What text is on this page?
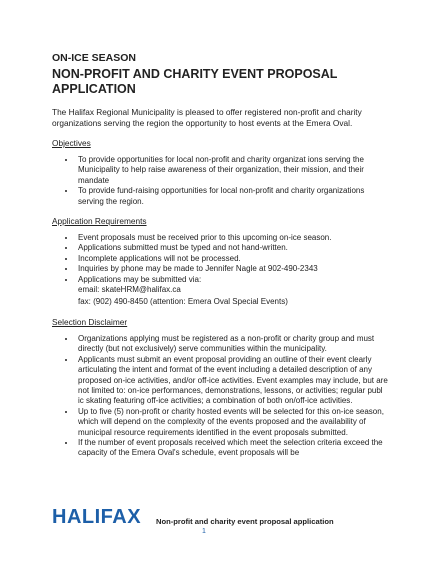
ON-ICE SEASON
NON-PROFIT AND CHARITY EVENT PROPOSAL
APPLICATION

The Halifax Regional Municipality is pleased to offer registered non-profit and charity organizations serving the region the opportunity to host events at the Emera Oval.

Objectives
• To provide opportunities for local non-profit and charity organizat ions serving the Municipality to help raise awareness of their organization, their mission, and their mandate
• To provide fund-raising opportunities for local non-profit and charity organizations serving the region.
Application Requirements
• Event proposals must be received prior to this upcoming on-ice season.
• Applications submitted must be typed and not hand-written.
• Incomplete applications will not be processed.
• Inquiries by phone may be made to Jennifer Nagle at 902-490-2343
• Applications may be submitted via:
email: skateHRM@halifax.ca
fax: (902) 490-8450 (attention: Emera Oval Special Events)
Selection Disclaimer
• Organizations applying must be registered as a non-profit or charity group and must directly (but not exclusively) serve communities within the municipality.
• Applicants must submit an event proposal providing an outline of their event clearly articulating the intent and format of the event including a detailed description of any proposed on-ice activities, and/or off-ice activities. Event examples may include, but are not limited to: on-ice performances, demonstrations, lessons, or activities; regular publ ic skating featuring off-ice activities; a combination of both on/off-ice activities.
• Up to five (5) non-profit or charity hosted events will be selected for this on-ice season, which will depend on the complexity of the events proposed and the availability of municipal resource requirements identified in the event proposals submitted.
• If the number of event proposals received which meet the selection criteria exceed the capacity of the Emera Oval's schedule, event proposals will be
HALIFAX Non-profit and charity event proposal application
1
